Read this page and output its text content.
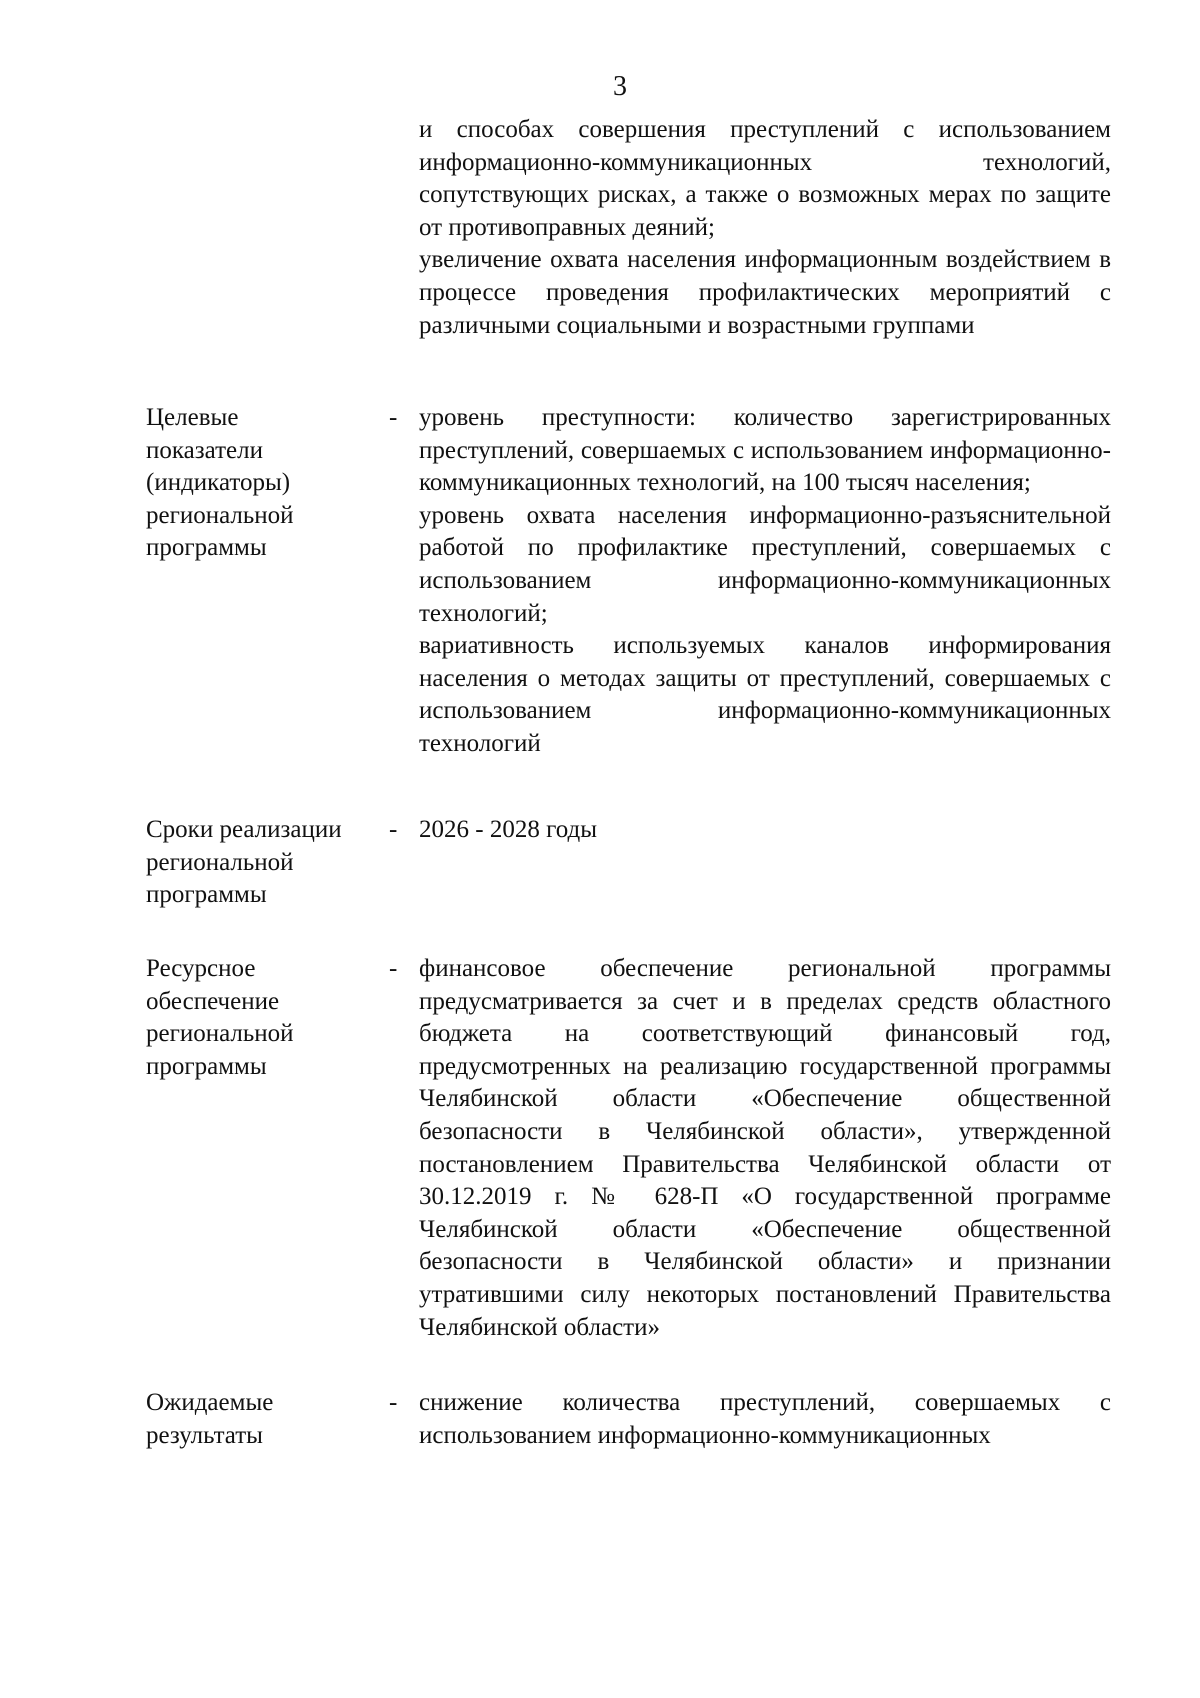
3

и способах совершения преступлений с использованием информационно-коммуникационных технологий, сопутствующих рисках, а также о возможных мерах по защите от противоправных деяний;

увеличение охвата населения информационным воздействием в процессе проведения профилактических мероприятий с различными социальными и возрастными группами

Целевые
показатели
(индикаторы)
региональной
программы
- уровень преступности: количество зарегистрированных преступлений, совершаемых с использованием информационно-коммуникационных технологий, на 100 тысяч населения;

уровень охвата населения информационно-разъяснительной работой по профилактике преступлений, совершаемых с использованием информационно-коммуникационных технологий;

вариативность используемых каналов информирования населения о методах защиты от преступлений, совершаемых с использованием информационно-коммуникационных технологий

Сроки реализации
региональной
программы
- 2026 - 2028 годы

Ресурсное
обеспечение
региональной
программы
- финансовое обеспечение региональной программы предусматривается за счет и в пределах средств областного бюджета на соответствующий финансовый год, предусмотренных на реализацию государственной программы Челябинской области «Обеспечение общественной безопасности в Челябинской области», утвержденной постановлением Правительства Челябинской области от 30.12.2019 г. № 628-П «О государственной программе Челябинской области «Обеспечение общественной безопасности в Челябинской области» и признании утратившими силу некоторых постановлений Правительства Челябинской области»

Ожидаемые
результаты
- снижение количества преступлений, совершаемых с использованием информационно-коммуникационных
